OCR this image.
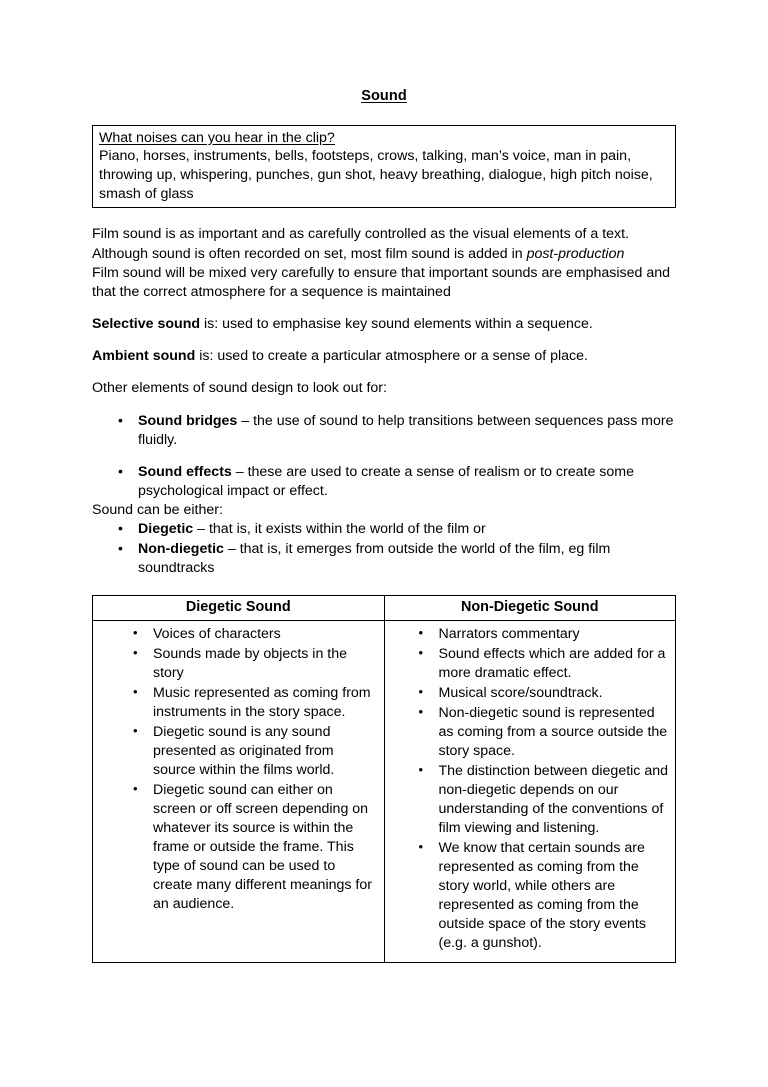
Sound
What noises can you hear in the clip?
Piano, horses, instruments, bells, footsteps, crows, talking, man’s voice, man in pain, throwing up, whispering, punches, gun shot, heavy breathing, dialogue, high pitch noise, smash of glass

Film sound is as important and as carefully controlled as the visual elements of a text. Although sound is often recorded on set, most film sound is added in post-production

Film sound will be mixed very carefully to ensure that important sounds are emphasised and that the correct atmosphere for a sequence is maintained

Selective sound is: used to emphasise key sound elements within a sequence.

Ambient sound is: used to create a particular atmosphere or a sense of place.

Other elements of sound design to look out for:

• Sound bridges – the use of sound to help transitions between sequences pass more fluidly.
• Sound effects – these are used to create a sense of realism or to create some psychological impact or effect.

Sound can be either:

• Diegetic – that is, it exists within the world of the film or
• Non-diegetic – that is, it emerges from outside the world of the film, eg film soundtracks
Diegetic Sound	Non-Diegetic Sound

• Voices of characters
• Sounds made by objects in the story
• Music represented as coming from instruments in the story space.
• Diegetic sound is any sound presented as originated from source within the films world.
• Diegetic sound can either on screen or off screen depending on whatever its source is within the frame or outside the frame. This type of sound can be used to create many different meanings for an audience.

• Narrators commentary
• Sound effects which are added for a more dramatic effect.
• Musical score/soundtrack.
• Non-diegetic sound is represented as coming from a source outside the story space.
• The distinction between diegetic and non-diegetic depends on our understanding of the conventions of film viewing and listening.
• We know that certain sounds are represented as coming from the story world, while others are represented as coming from the outside space of the story events (e.g. a gunshot).
